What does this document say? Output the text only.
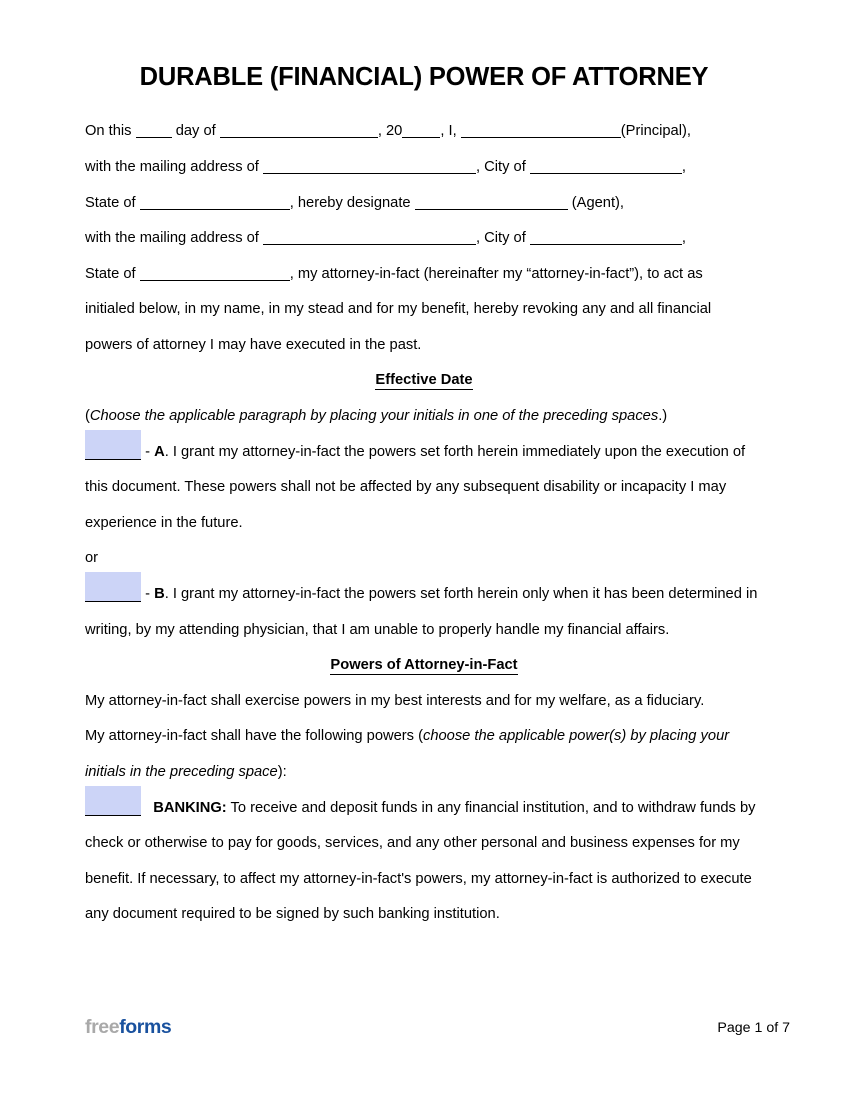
DURABLE (FINANCIAL) POWER OF ATTORNEY
On this	day of	, 20	, I,	(Principal),
with the mailing address of	, City of	,
State of	, hereby designate	(Agent),
with the mailing address of	, City of	,
State of	, my attorney-in-fact (hereinafter my “attorney-in-fact”), to act as
initialed below, in my name, in my stead and for my benefit, hereby revoking any and all financial
powers of attorney I may have executed in the past.
Effective Date
(Choose the applicable paragraph by placing your initials in one of the preceding spaces.)
- A. I grant my attorney-in-fact the powers set forth herein immediately upon the execution of this document. These powers shall not be affected by any subsequent disability or incapacity I may experience in the future.
or
- B. I grant my attorney-in-fact the powers set forth herein only when it has been determined in writing, by my attending physician, that I am unable to properly handle my financial affairs.
Powers of Attorney-in-Fact
My attorney-in-fact shall exercise powers in my best interests and for my welfare, as a fiduciary.
My attorney-in-fact shall have the following powers (choose the applicable power(s) by placing your initials in the preceding space):
BANKING: To receive and deposit funds in any financial institution, and to withdraw funds by check or otherwise to pay for goods, services, and any other personal and business expenses for my benefit. If necessary, to affect my attorney-in-fact's powers, my attorney-in-fact is authorized to execute any document required to be signed by such banking institution.
freeforms	Page 1 of 7
